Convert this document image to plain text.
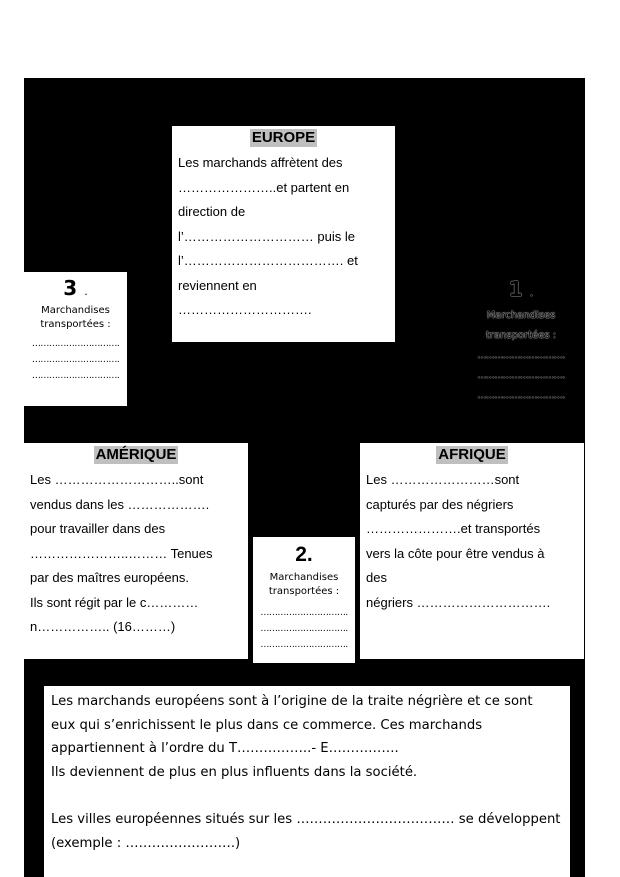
EUROPE
Les marchands affrètent des
…………………..et partent en
direction de
l’………………………… puis le
l’………………………………. et
reviennent en
………………………….
3 .
Marchandises
transportées :
………………………….
………………………….
………………………….
1 .
Marchandises
transportées :
………………………….
………………………….
………………………….
AMÉRIQUE
Les ………………………..sont
vendus dans les ……………….
pour travailler dans des
…………………..……… Tenues
par des maîtres européens.
Ils sont régit par le c…………
n…………….. (16………)
2.
Marchandises transportées :
………………………….
………………………….
………………………….
AFRIQUE
Les ……………………sont
capturés par des négriers
………………….et transportés
vers la côte pour être vendus à
des
négriers ………………………….
Les marchands européens sont à l’origine de la traite négrière et ce sont
eux qui s’enrichissent le plus dans ce commerce. Ces marchands
appartiennent à l’ordre du T……………..- E…………….
Ils deviennent de plus en plus influents dans la société.
Les villes européennes situés sur les ……………………………… se développent
(exemple : …………………….)
